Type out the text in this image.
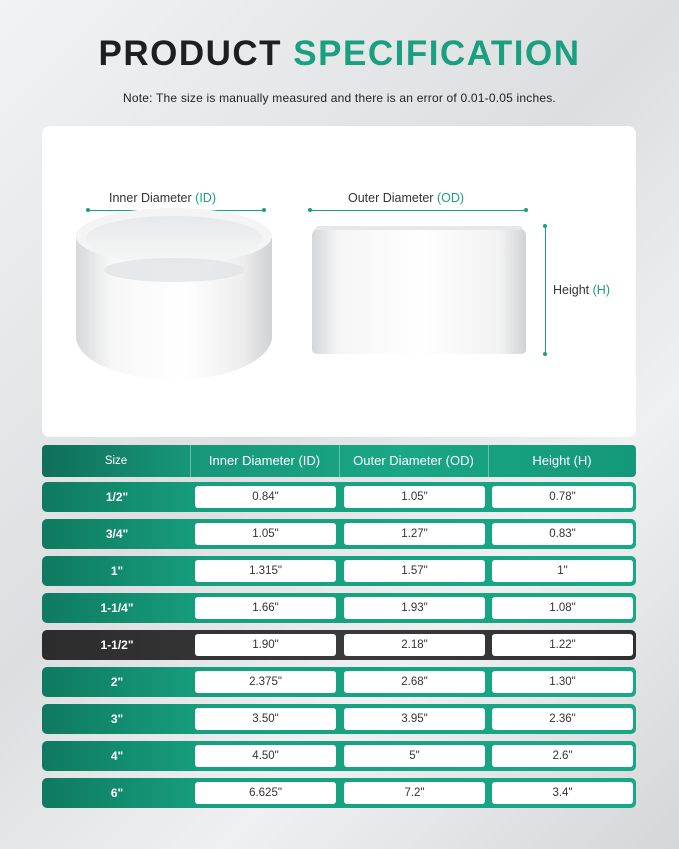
PRODUCT SPECIFICATION
Note: The size is manually measured and there is an error of 0.01-0.05 inches.
Inner Diameter (ID)	Outer Diameter (OD)
Height (H)
Size	Inner Diameter (ID)	Outer Diameter (OD)	Height (H)
1/2"	0.84"	1.05"	0.78"
3/4"	1.05"	1.27"	0.83"
1"	1.315"	1.57"	1"
1-1/4"	1.66"	1.93"	1.08"
1-1/2"	1.90"	2.18"	1.22"
2"	2.375"	2.68"	1.30"
3"	3.50"	3.95"	2.36"
4"	4.50"	5"	2.6"
6"	6.625"	7.2"	3.4"
